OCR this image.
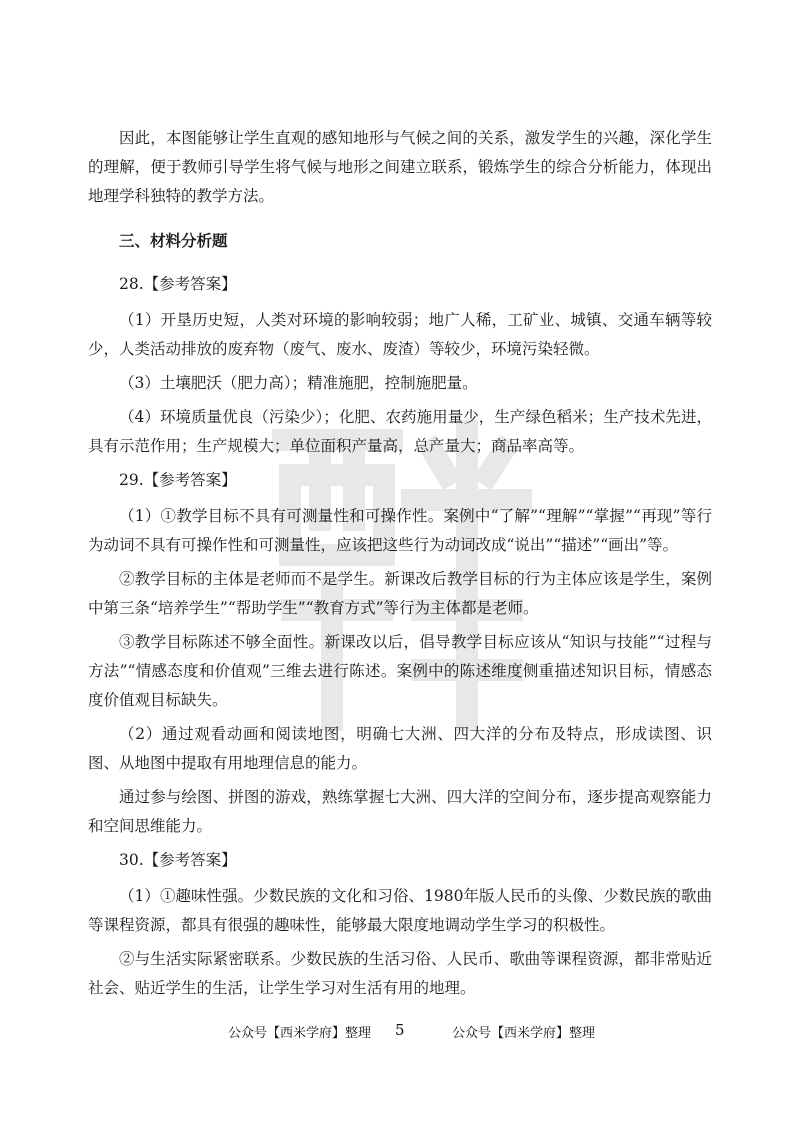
因此，本图能够让学生直观的感知地形与气候之间的关系，激发学生的兴趣，深化学生的理解，便于教师引导学生将气候与地形之间建立联系，锻炼学生的综合分析能力，体现出地理学科独特的教学方法。

三、材料分析题

28.【参考答案】

（1）开垦历史短，人类对环境的影响较弱；地广人稀，工矿业、城镇、交通车辆等较少，人类活动排放的废弃物（废气、废水、废渣）等较少，环境污染轻微。

（3）土壤肥沃（肥力高）；精准施肥，控制施肥量。

（4）环境质量优良（污染少）；化肥、农药施用量少，生产绿色稻米；生产技术先进，具有示范作用；生产规模大；单位面积产量高，总产量大；商品率高等。

29.【参考答案】

（1）①教学目标不具有可测量性和可操作性。案例中“了解”“理解”“掌握”“再现”等行为动词不具有可操作性和可测量性，应该把这些行为动词改成“说出”“描述”“画出”等。

②教学目标的主体是老师而不是学生。新课改后教学目标的行为主体应该是学生，案例中第三条“培养学生”“帮助学生”“教育方式”等行为主体都是老师。

③教学目标陈述不够全面性。新课改以后，倡导教学目标应该从“知识与技能”“过程与方法”“情感态度和价值观”三维去进行陈述。案例中的陈述维度侧重描述知识目标，情感态度价值观目标缺失。

（2）通过观看动画和阅读地图，明确七大洲、四大洋的分布及特点，形成读图、识图、从地图中提取有用地理信息的能力。

通过参与绘图、拼图的游戏，熟练掌握七大洲、四大洋的空间分布，逐步提高观察能力和空间思维能力。

30.【参考答案】

（1）①趣味性强。少数民族的文化和习俗、1980年版人民币的头像、少数民族的歌曲等课程资源，都具有很强的趣味性，能够最大限度地调动学生学习的积极性。

②与生活实际紧密联系。少数民族的生活习俗、人民币、歌曲等课程资源，都非常贴近社会、贴近学生的生活，让学生学习对生活有用的地理。

公众号【西米学府】整理 5	公众号【西米学府】整理
